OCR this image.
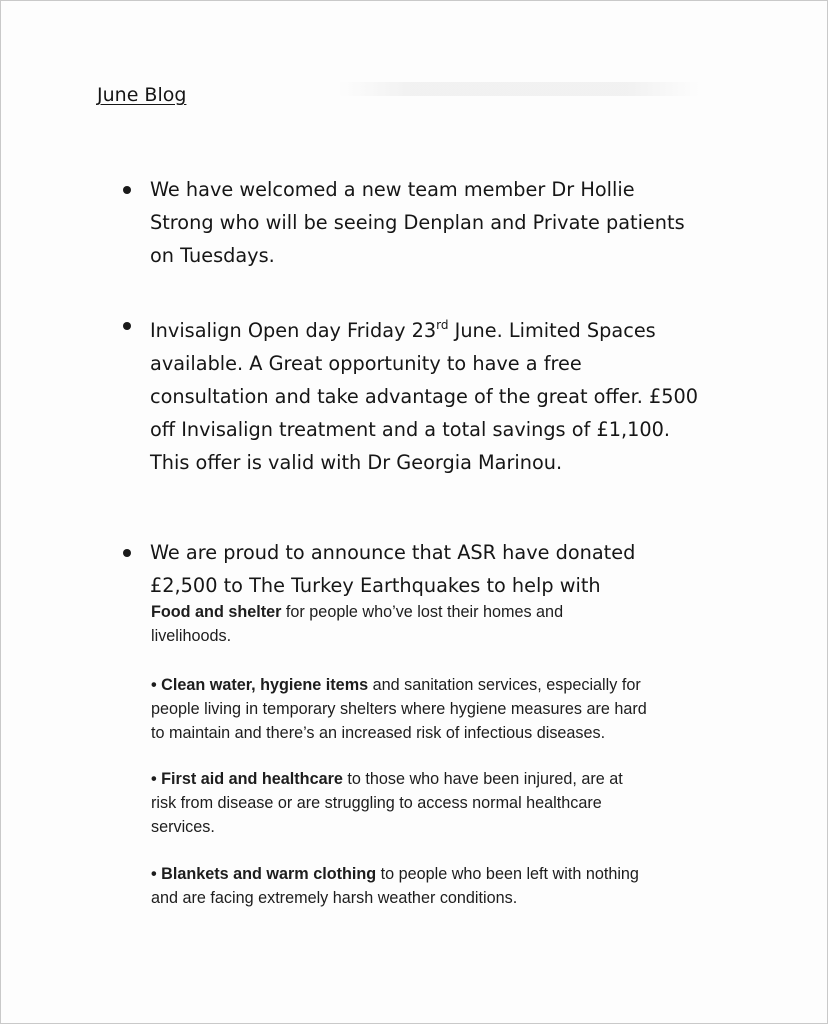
June Blog
We have welcomed a new team member Dr Hollie
Strong who will be seeing Denplan and Private patients
on Tuesdays.
Invisalign Open day Friday 23rd June. Limited Spaces
available. A Great opportunity to have a free
consultation and take advantage of the great offer. £500
off Invisalign treatment and a total savings of £1,100.
This offer is valid with Dr Georgia Marinou.
We are proud to announce that ASR have donated
£2,500 to The Turkey Earthquakes to help with
Food and shelter for people who’ve lost their homes and
livelihoods.
• Clean water, hygiene items and sanitation services, especially for
people living in temporary shelters where hygiene measures are hard
to maintain and there’s an increased risk of infectious diseases.
• First aid and healthcare to those who have been injured, are at
risk from disease or are struggling to access normal healthcare
services.
• Blankets and warm clothing to people who been left with nothing
and are facing extremely harsh weather conditions.
